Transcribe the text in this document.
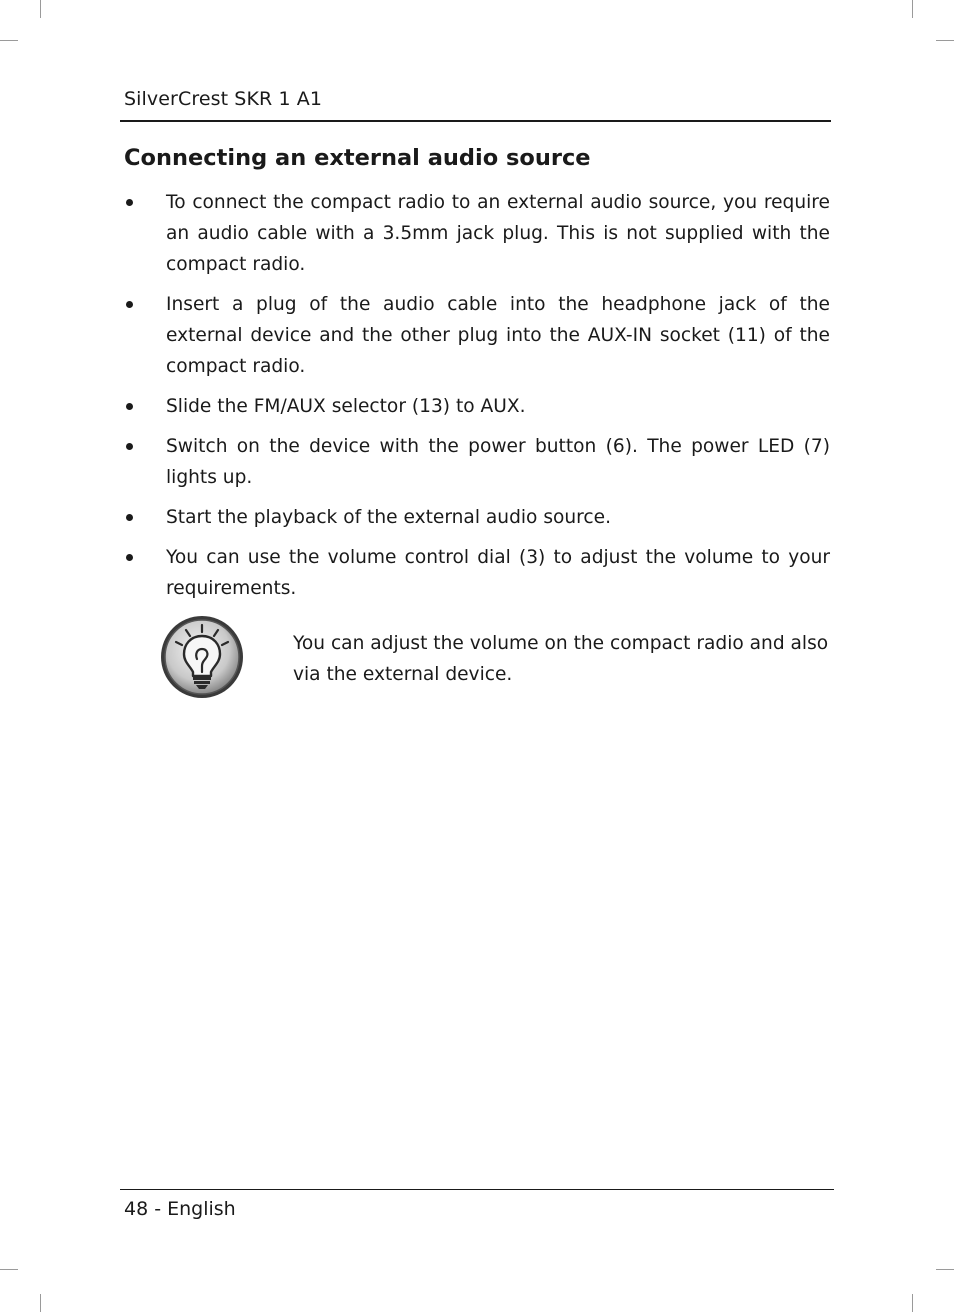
SilverCrest SKR 1 A1
Connecting an external audio source
To connect the compact radio to an external audio source, you require an audio cable with a 3.5mm jack plug. This is not supplied with the compact radio.
Insert a plug of the audio cable into the headphone jack of the external device and the other plug into the AUX-IN socket (11) of the compact radio.
Slide the FM/AUX selector (13) to AUX.
Switch on the device with the power button (6). The power LED (7) lights up.
Start the playback of the external audio source.
You can use the volume control dial (3) to adjust the volume to your requirements.

You can adjust the volume on the compact radio and also via the external device.

48 - English
